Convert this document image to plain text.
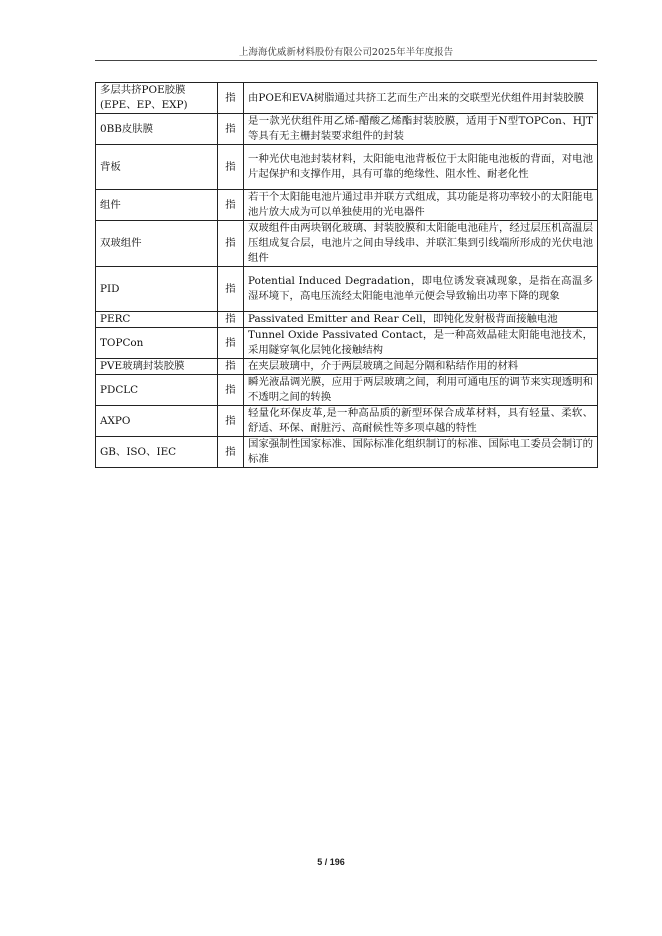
上海海优威新材料股份有限公司2025年半年度报告
多层共挤POE胶膜(EPE、EP、EXP)	指	由POE和EVA树脂通过共挤工艺而生产出来的交联型光伏组件用封装胶膜
0BB皮肤膜	指	是一款光伏组件用乙烯-醋酸乙烯酯封装胶膜，适用于N型TOPCon、HJT等具有无主栅封装要求组件的封装
背板	指	一种光伏电池封装材料，太阳能电池背板位于太阳能电池板的背面，对电池片起保护和支撑作用，具有可靠的绝缘性、阻水性、耐老化性
组件	指	若干个太阳能电池片通过串并联方式组成，其功能是将功率较小的太阳能电池片放大成为可以单独使用的光电器件
双玻组件	指	双玻组件由两块钢化玻璃、封装胶膜和太阳能电池硅片，经过层压机高温层压组成复合层，电池片之间由导线串、并联汇集到引线端所形成的光伏电池组件
PID	指	Potential Induced Degradation，即电位诱发衰减现象，是指在高温多湿环境下，高电压流经太阳能电池单元便会导致输出功率下降的现象
PERC	指	Passivated Emitter and Rear Cell，即钝化发射极背面接触电池
TOPCon	指	Tunnel Oxide Passivated Contact，是一种高效晶硅太阳能电池技术，采用隧穿氧化层钝化接触结构
PVE玻璃封装胶膜	指	在夹层玻璃中，介于两层玻璃之间起分隔和粘结作用的材料
PDCLC	指	瞬光液晶调光膜，应用于两层玻璃之间，利用可通电压的调节来实现透明和不透明之间的转换
AXPO	指	轻量化环保皮革,是一种高品质的新型环保合成革材料，具有轻量、柔软、舒适、环保、耐脏污、高耐候性等多项卓越的特性
GB、ISO、IEC	指	国家强制性国家标准、国际标准化组织制订的标准、国际电工委员会制订的标准
5 / 196
